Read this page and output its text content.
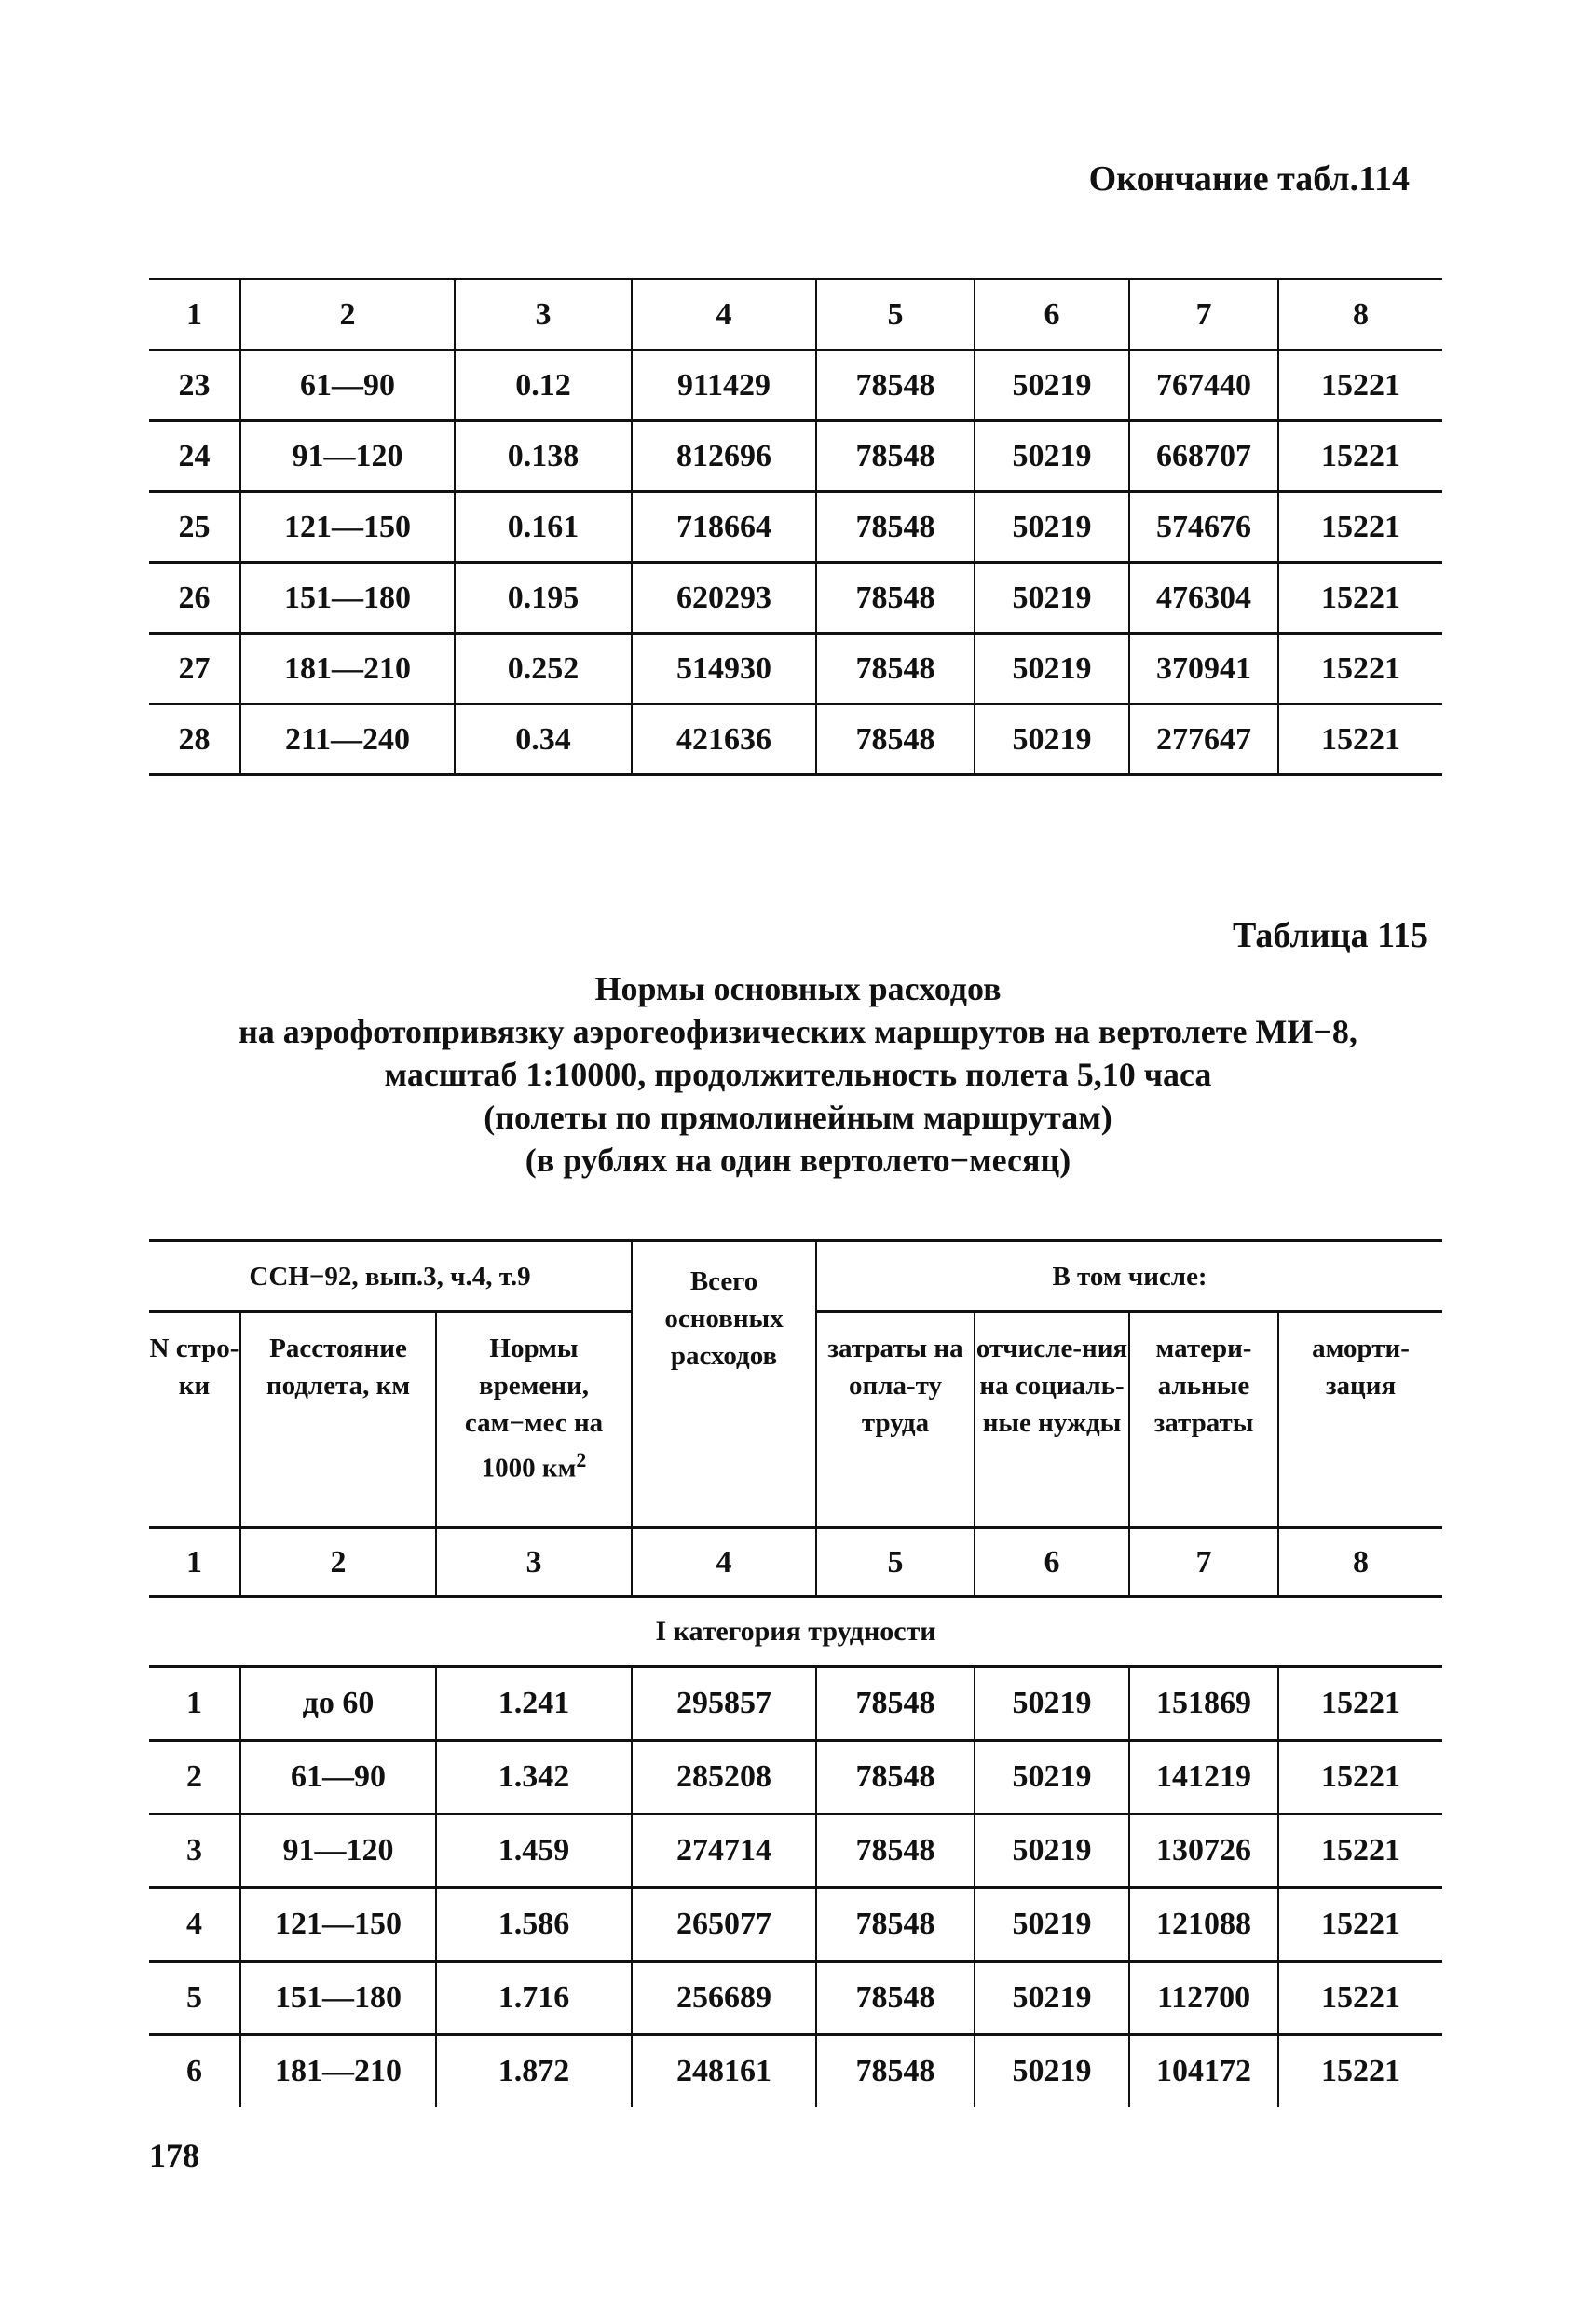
Окончание табл.114
1	2	3	4	5	6	7	8
23	61—90	0.12	911429	78548	50219	767440	15221
24	91—120	0.138	812696	78548	50219	668707	15221
25	121—150	0.161	718664	78548	50219	574676	15221
26	151—180	0.195	620293	78548	50219	476304	15221
27	181—210	0.252	514930	78548	50219	370941	15221
28	211—240	0.34	421636	78548	50219	277647	15221
Таблица 115
Нормы основных расходов
на аэрофотопривязку аэрогеофизических маршрутов на вертолете МИ−8,
масштаб 1:10000, продолжительность полета 5,10 часа
(полеты по прямолинейным маршрутам)
(в рублях на один вертолето−месяц)
ССН−92, вып.3, ч.4, т.9			Всего основных расходов	В том числе:			
N стро-ки	Расстояние подлета, км	Нормы времени, сам−мес на 1000 $км^2$		затраты на опла-ту труда	отчисле-ния на социаль-ные нужды	матери-альные затраты	аморти-зация
1	2	3	4	5	6	7	8
I категория трудности							
1	до 60	1.241	295857	78548	50219	151869	15221
2	61—90	1.342	285208	78548	50219	141219	15221
3	91—120	1.459	274714	78548	50219	130726	15221
4	121—150	1.586	265077	78548	50219	121088	15221
5	151—180	1.716	256689	78548	50219	112700	15221
6	181—210	1.872	248161	78548	50219	104172	15221
178
